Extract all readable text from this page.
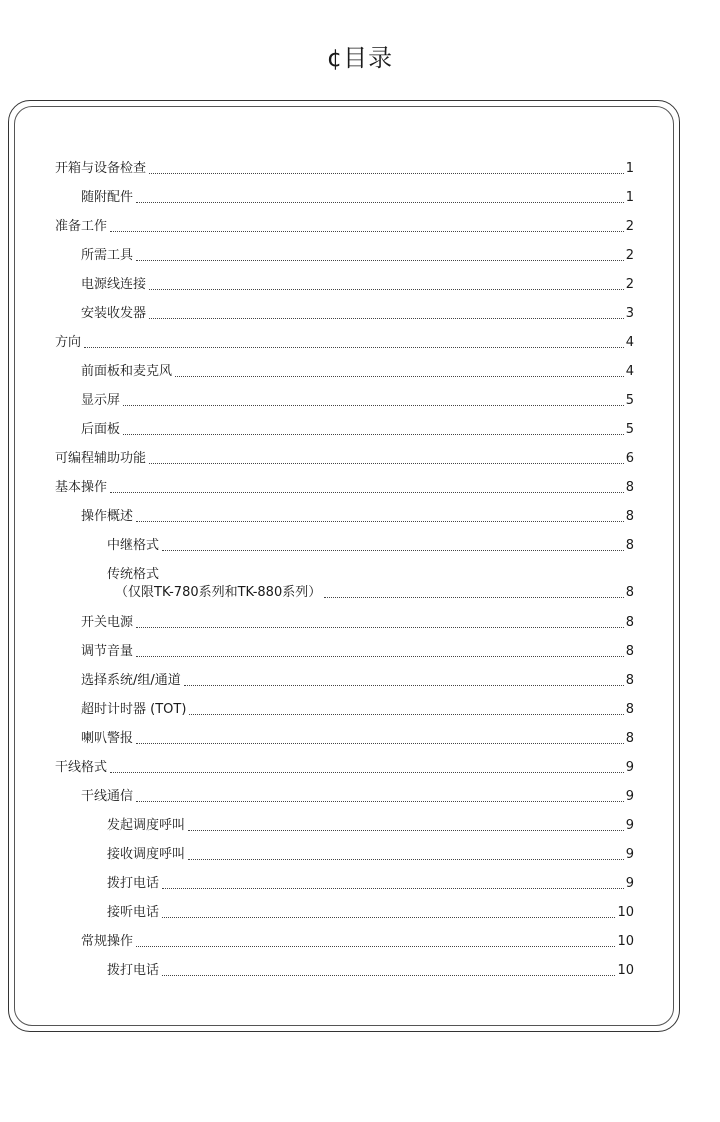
¢目录
开箱与设备检查	1
随附配件	1
准备工作	2
所需工具	2
电源线连接	2
安装收发器	3
方向	4
前面板和麦克风	4
显示屏	5
后面板	5
可编程辅助功能	6
基本操作	8
操作概述	8
中继格式	8
传统格式
（仅限TK-780系列和TK-880系列）	8
开关电源	8
调节音量	8
选择系统/组/通道	8
超时计时器 (TOT)	8
喇叭警报	8
干线格式	9
干线通信	9
发起调度呼叫	9
接收调度呼叫	9
拨打电话	9
接听电话	10
常规操作	10
拨打电话	10
